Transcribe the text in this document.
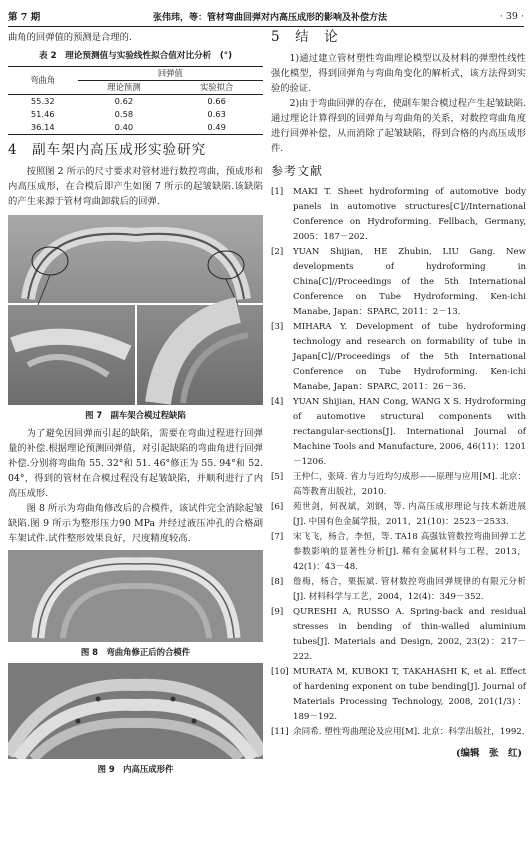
第 7 期	张伟玮，等：管材弯曲回弹对内高压成形的影响及补偿方法	· 39 ·

曲角的回弹值的预测是合理的.

表 2　理论预测值与实验线性拟合值对比分析　(°)
弯曲角	回弹值	
	理论预测	实验拟合
55.32	0.62	0.66
51.46	0.58	0.63
36.14	0.40	0.49
4　副车架内高压成形实验研究

按照图 2 所示的尺寸要求对管材进行数控弯曲，预成形和内高压成形，在合模后即产生如图 7 所示的起皱缺陷.该缺陷的产生来源于管材弯曲卸载后的回弹.

图 7　副车架合模过程缺陷

为了避免因回弹而引起的缺陷，需要在弯曲过程进行回弹量的补偿.根据理论预测回弹值，对引起缺陷的弯曲角进行回弹补偿.分别将弯曲角 55. 32°和 51. 46°修正为 55. 94°和 52. 04°，得到的管材在合模过程没有起皱缺陷，并顺利进行了内高压成形.

图 8 所示为弯曲角修改后的合模件，该试件完全消除起皱缺陷.图 9 所示为整形压力90 MPa 并经过液压冲孔的合格副车架试件.试件整形效果良好，尺度精度较高.

图 8　弯曲角修正后的合模件
图 9　内高压成形件
5　结　论

1)通过建立管材塑性弯曲理论模型以及材料的弹塑性线性强化模型，得到回弹角与弯曲角变化的解析式，该方法得到实验的验证.

2)由于弯曲回弹的存在，使副车架合模过程产生起皱缺陷.通过理论计算得到的回弹角与弯曲角的关系，对数控弯曲角度进行回弹补偿，从而消除了起皱缺陷，得到合格的内高压成形件.

参考文献
[1]	MAKI T. Sheet hydroforming of automotive body panels in automotive structures[C]//International Conference on Hydroforming. Fellbach, Germany, 2005：187－202.
[2]	YUAN Shijian, HE Zhubin, LIU Gang. New developments of hydroforming in China[C]//Proceedings of the 5th International Conference on Tube Hydroforming. Ken-ichi Manabe, Japan：SPARC, 2011：2－13.
[3]	MIHARA Y. Development of tube hydroforming technology and research on formability of tube in Japan[C]//Proceedings of the 5th International Conference on Tube Hydroforming. Ken-ichi Manabe, Japan：SPARC, 2011：26－36.
[4]	YUAN Shijian, HAN Cong, WANG X S. Hydroforming of automotive structural components with rectangular-sections[J]. International Journal of Machine Tools and Manufacture, 2006, 46(11)：1201－1206.
[5]	王仲仁，张琦. 省力与近均匀成形——原理与应用[M]. 北京：高等教育出版社，2010.
[6]	苑世剑，何祝斌，刘钢，等. 内高压成形理论与技术新进展[J]. 中国有色金属学报，2011，21(10)：2523－2533.
[7]	宋飞飞，杨合，李恒，等. TA18 高强钛管数控弯曲回弹工艺参数影响的显著性分析[J]. 稀有金属材料与工程，2013，42(1)：43－48.
[8]	詹梅，杨合，栗振斌. 管材数控弯曲回弹规律的有限元分析[J]. 材料科学与工艺，2004，12(4)：349－352.
[9]	QURESHI A, RUSSO A. Spring-back and residual stresses in bending of thin-walled aluminium tubes[J]. Materials and Design, 2002, 23(2)：217－222.
[10] MURATA M, KUBOKI T, TAKAHASHI K, et al. Effect of hardening exponent on tube bending[J]. Journal of Materials Processing Technology, 2008, 201(1/3)：189－192.
[11] 余同希. 塑性弯曲理论及应用[M]. 北京：科学出版社，1992.
(编辑　张　红)
